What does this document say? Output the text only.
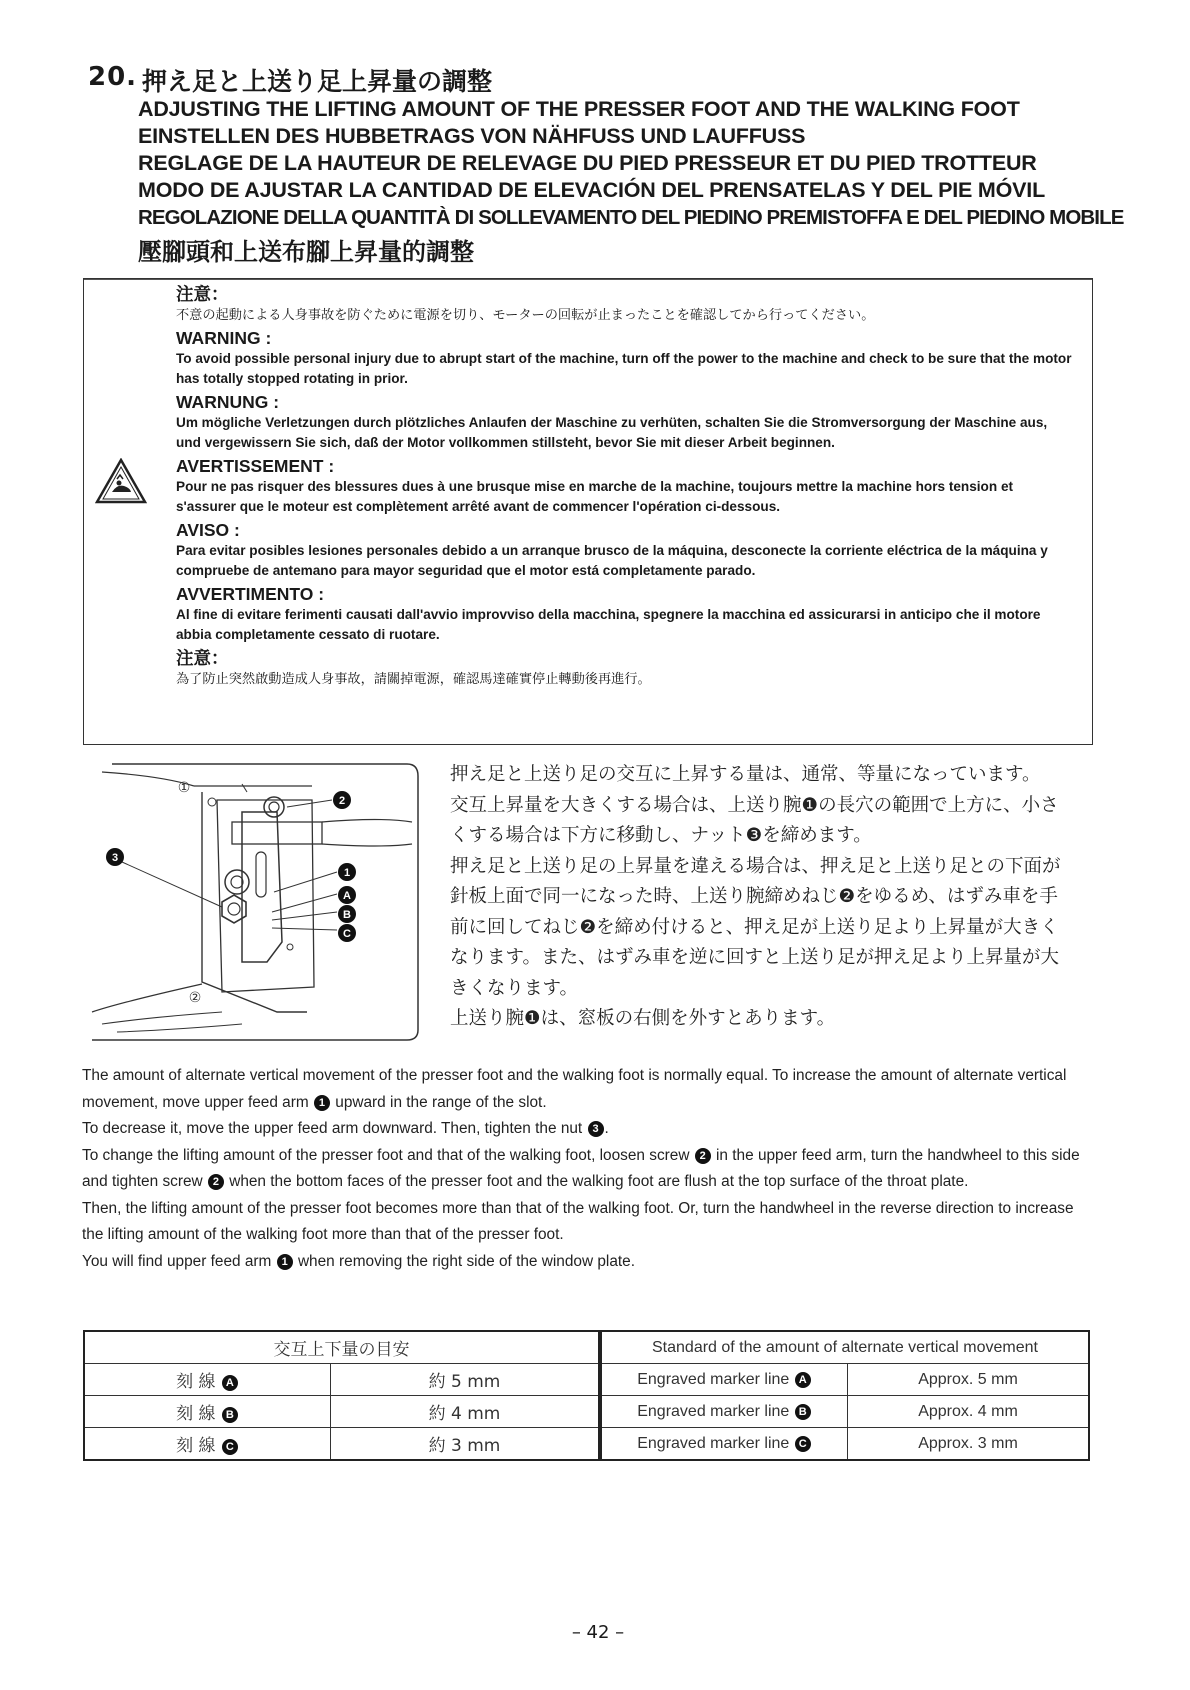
20. 押え足と上送り足上昇量の調整
ADJUSTING THE LIFTING AMOUNT OF THE PRESSER FOOT AND THE WALKING FOOT
EINSTELLEN DES HUBBETRAGS VON NÄHFUSS UND LAUFFUSS
REGLAGE DE LA HAUTEUR DE RELEVAGE DU PIED PRESSEUR ET DU PIED TROTTEUR
MODO DE AJUSTAR LA CANTIDAD DE ELEVACIÓN DEL PRENSATELAS Y DEL PIE MÓVIL
REGOLAZIONE DELLA QUANTITÀ DI SOLLEVAMENTO DEL PIEDINO PREMISTOFFA E DEL PIEDINO MOBILE
壓腳頭和上送布腳上昇量的調整

注意：

不意の起動による人身事故を防ぐために電源を切り、モーターの回転が止まったことを確認してから行ってください。

WARNING :

To avoid possible personal injury due to abrupt start of the machine, turn off the power to the machine and check to be sure that the motor has totally stopped rotating in prior.

WARNUNG :

Um mögliche Verletzungen durch plötzliches Anlaufen der Maschine zu verhüten, schalten Sie die Stromversorgung der Maschine aus, und vergewissern Sie sich, daß der Motor vollkommen stillsteht, bevor Sie mit dieser Arbeit beginnen.

AVERTISSEMENT :

Pour ne pas risquer des blessures dues à une brusque mise en marche de la machine, toujours mettre la machine hors tension et s'assurer que le moteur est complètement arrêté avant de commencer l'opération ci-dessous.

AVISO :

Para evitar posibles lesiones personales debido a un arranque brusco de la máquina, desconecte la corriente eléctrica de la máquina y compruebe de antemano para mayor seguridad que el motor está completamente parado.

AVVERTIMENTO :

Al fine di evitare ferimenti causati dall'avvio improvviso della macchina, spegnere la macchina ed assicurarsi in anticipo che il motore abbia completamente cessato di ruotare.

注意：

為了防止突然啟動造成人身事故，請關掉電源，確認馬達確實停止轉動後再進行。

2
1
A
B
C
3
①
②

押え足と上送り足の交互に上昇する量は、通常、等量になっています。

交互上昇量を大きくする場合は、上送り腕❶の長穴の範囲で上方に、小さ

くする場合は下方に移動し、ナット❸を締めます。

押え足と上送り足の上昇量を違える場合は、押え足と上送り足との下面が

針板上面で同一になった時、上送り腕締めねじ❷をゆるめ、はずみ車を手

前に回してねじ❷を締め付けると、押え足が上送り足より上昇量が大きく

なります。また、はずみ車を逆に回すと上送り足が押え足より上昇量が大

きくなります。

上送り腕❶は、窓板の右側を外すとあります。

The amount of alternate vertical movement of the presser foot and the walking foot is normally equal. To increase the amount of alternate vertical movement, move upper feed arm 1 upward in the range of the slot.

To decrease it, move the upper feed arm downward. Then, tighten the nut 3 .

To change the lifting amount of the presser foot and that of the walking foot, loosen screw 2 in the upper feed arm, turn the handwheel to this side and tighten screw 2 when the bottom faces of the presser foot and the walking foot are flush at the top surface of the throat plate.

Then, the lifting amount of the presser foot becomes more than that of the walking foot. Or, turn the handwheel in the reverse direction to increase the lifting amount of the walking foot more than that of the presser foot.

You will find upper feed arm 1 when removing the right side of the window plate.

交互上下量の目安	
刻 線 A	約 5 mm
刻 線 B	約 4 mm
刻 線 C	約 3 mm
Standard of the amount of alternate vertical movement	
Engraved marker line A	Approx. 5 mm
Engraved marker line B	Approx. 4 mm
Engraved marker line C	Approx. 3 mm
– 42 –
